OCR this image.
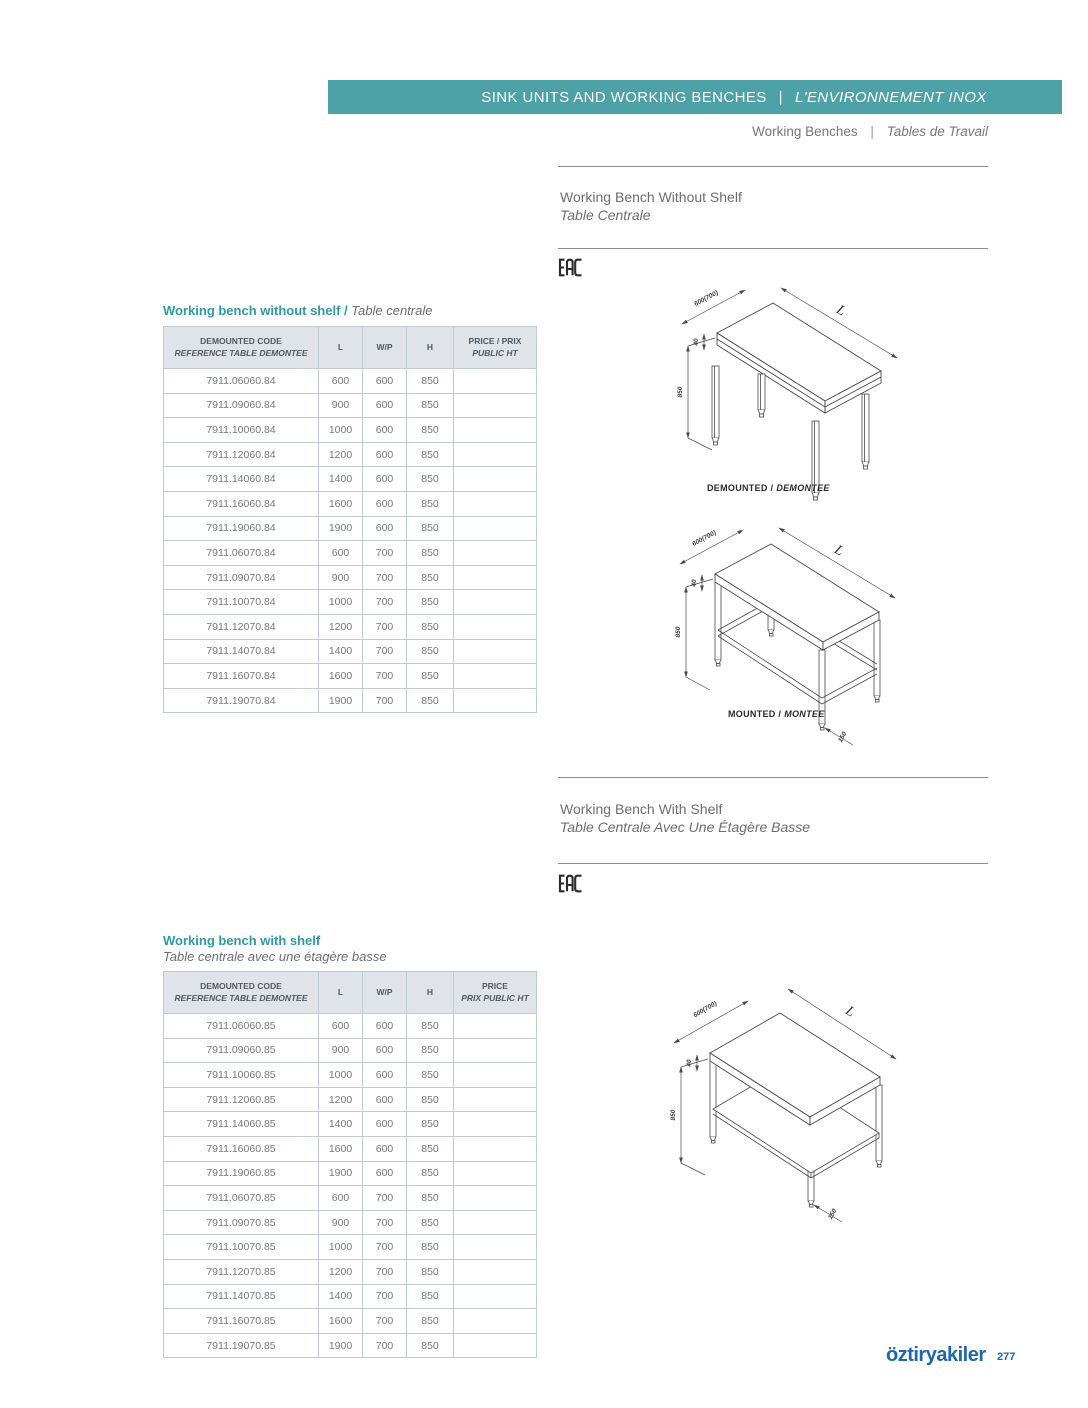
SINK UNITS AND WORKING BENCHES | L'ENVIRONNEMENT INOX
Working Benches | Tables de Travail
Working Bench Without Shelf
Table Centrale
600(700)
L
40
850
DEMOUNTED / DEMONTEE
600(700)
L
40
850
150
MOUNTED / MONTEE
Working Bench With Shelf
Table Centrale Avec Une Étagère Basse
600(700)	L
40
850
150
Working bench without shelf / Table centrale
DEMOUNTED CODE
REFERENCE TABLE DEMONTEE	L	W/P	H	PRICE / PRIX
PUBLIC HT

7911.06060.84	600	600	850	
7911.09060.84	900	600	850	
7911.10060.84	1000	600	850	
7911.12060.84	1200	600	850	
7911.14060.84	1400	600	850	
7911.16060.84	1600	600	850	
7911.19060.84	1900	600	850	
7911.06070.84	600	700	850	
7911.09070.84	900	700	850	
7911.10070.84	1000	700	850	
7911.12070.84	1200	700	850	
7911.14070.84	1400	700	850	
7911.16070.84	1600	700	850	
7911.19070.84	1900	700	850	
Working bench with shelf
Table centrale avec une étagère basse
DEMOUNTED CODE
REFERENCE TABLE DEMONTEE	L	W/P	H	PRICE
PRIX PUBLIC HT

7911.06060.85	600	600	850	
7911.09060.85	900	600	850	
7911.10060.85	1000	600	850	
7911.12060.85	1200	600	850	
7911.14060.85	1400	600	850	
7911.16060.85	1600	600	850	
7911.19060.85	1900	600	850	
7911.06070.85	600	700	850	
7911.09070.85	900	700	850	
7911.10070.85	1000	700	850	
7911.12070.85	1200	700	850	
7911.14070.85	1400	700	850	
7911.16070.85	1600	700	850	
7911.19070.85	1900	700	850		öztiryakiler 277
